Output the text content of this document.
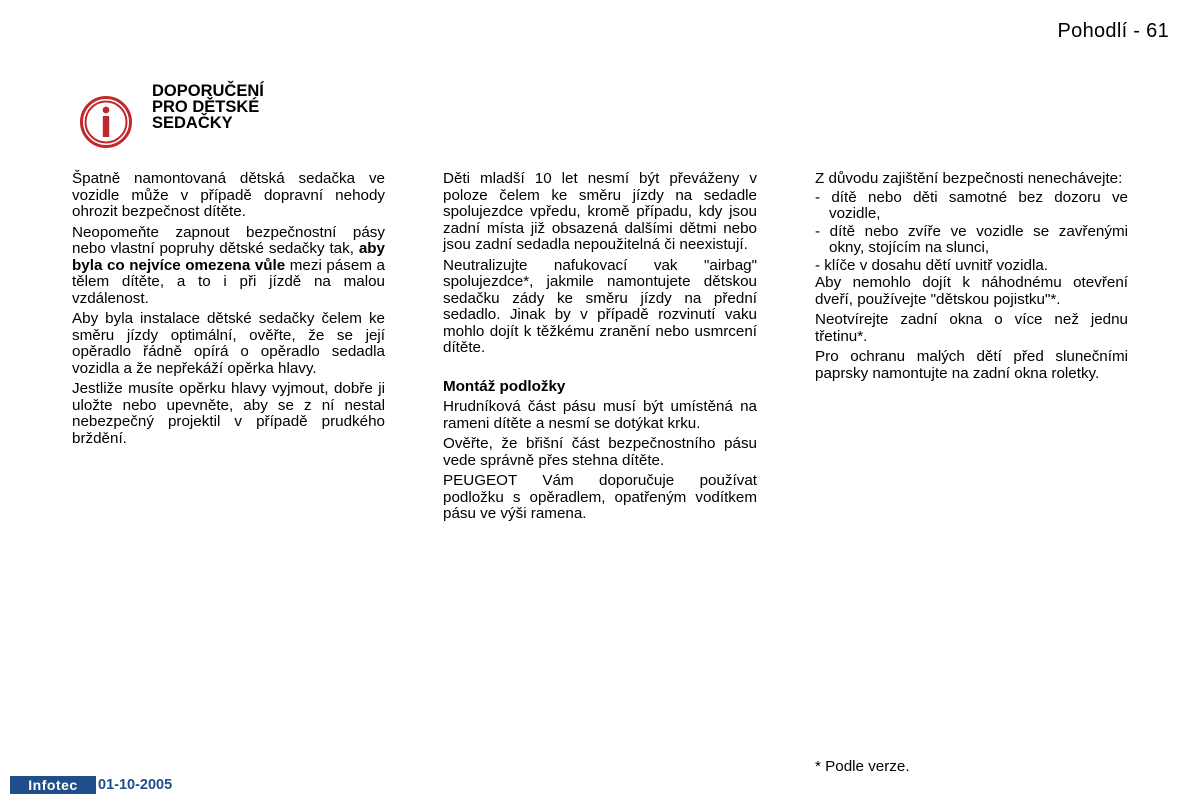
Pohodlí - 61
DOPORUČENÍ
PRO DĚTSKÉ
SEDAČKY

Špatně namontovaná dětská sedačka ve vozidle může v případě dopravní nehody ohrozit bezpečnost dítěte.

Neopomeňte zapnout bezpečnostní pásy nebo vlastní popruhy dětské sedačky tak, aby byla co nejvíce omezena vůle mezi pásem a tělem dítěte, a to i při jízdě na malou vzdálenost.

Aby byla instalace dětské sedačky čelem ke směru jízdy optimální, ověřte, že se její opěradlo řádně opírá o opěradlo sedadla vozidla a že nepřekáží opěrka hlavy.

Jestliže musíte opěrku hlavy vyjmout, dobře ji uložte nebo upevněte, aby se z ní nestal nebezpečný projektil v případě prudkého brždění.

Děti mladší 10 let nesmí být převáženy v poloze čelem ke směru jízdy na sedadle spolujezdce vpředu, kromě případu, kdy jsou zadní místa již obsazená dalšími dětmi nebo jsou zadní sedadla nepoužitelná či neexistují.

Neutralizujte nafukovací vak "airbag" spolujezdce*, jakmile namontujete dětskou sedačku zády ke směru jízdy na přední sedadlo. Jinak by v případě rozvinutí vaku mohlo dojít k těžkému zranění nebo usmrcení dítěte.

Montáž podložky

Hrudníková část pásu musí být umístěná na rameni dítěte a nesmí se dotýkat krku.

Ověřte, že břišní část bezpečnostního pásu vede správně přes stehna dítěte.

PEUGEOT Vám doporučuje používat podložku s opěradlem, opatřeným vodítkem pásu ve výši ramena.

Z důvodu zajištění bezpečnosti nenechávejte:

- dítě nebo děti samotné bez dozoru ve vozidle,
- dítě nebo zvíře ve vozidle se zavřenými okny, stojícím na slunci,
- klíče v dosahu dětí uvnitř vozidla.

Aby nemohlo dojít k náhodnému otevření dveří, používejte "dětskou pojistku"*.

Neotvírejte zadní okna o více než jednu třetinu*.

Pro ochranu malých dětí před slunečními paprsky namontujte na zadní okna roletky.

* Podle verze.
Infotec	01-10-2005
